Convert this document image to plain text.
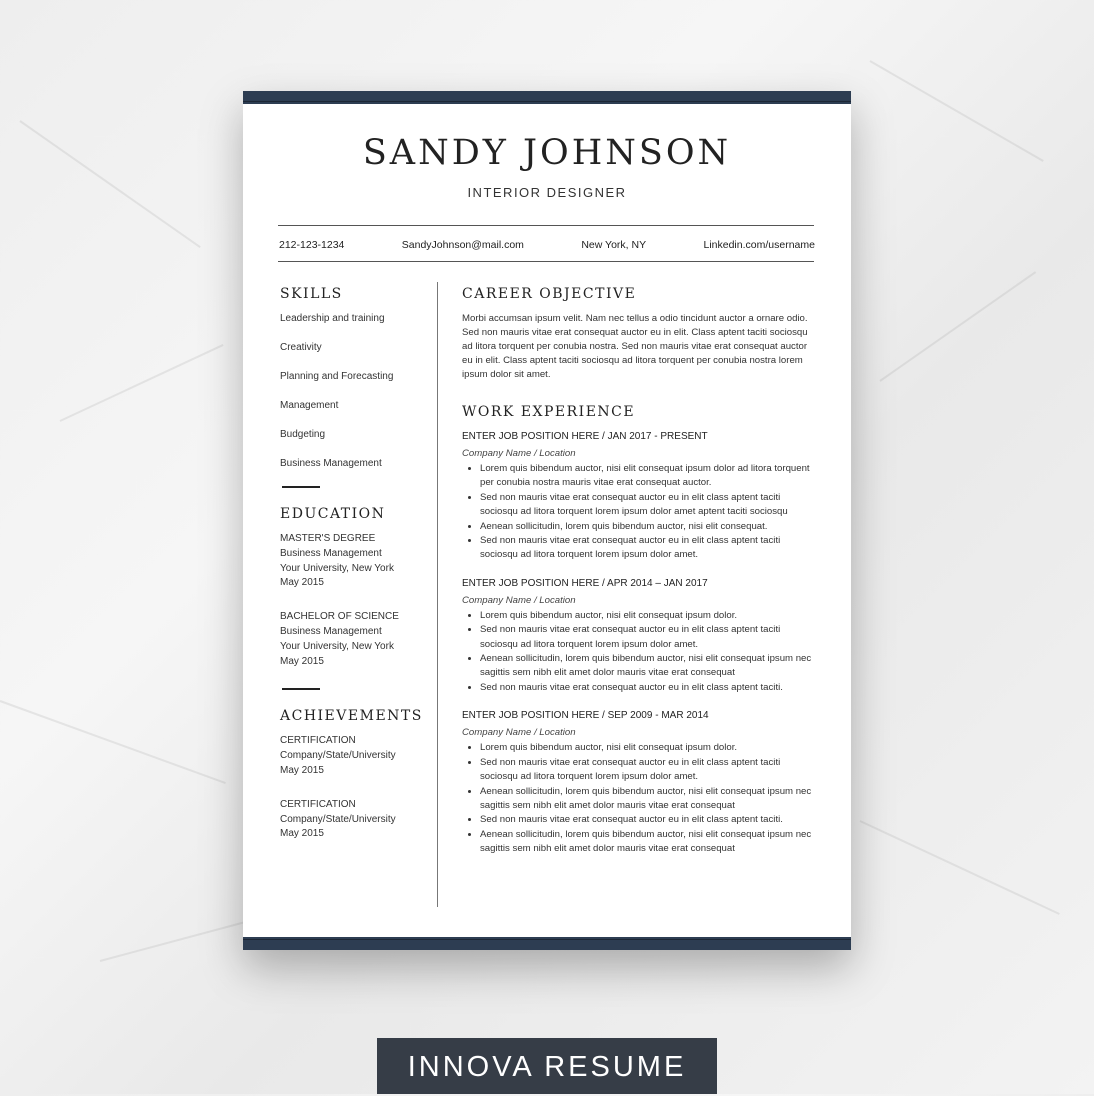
SANDY JOHNSON
INTERIOR DESIGNER
212-123-1234	SandyJohnson@mail.com	New York, NY	Linkedin.com/username
SKILLS
Leadership and training
Creativity
Planning and Forecasting
Management
Budgeting
Business Management
EDUCATION
MASTER'S DEGREE
Business Management
Your University, New York
May 2015
BACHELOR OF SCIENCE
Business Management
Your University, New York
May 2015
ACHIEVEMENTS
CERTIFICATION
Company/State/University
May 2015
CERTIFICATION
Company/State/University
May 2015
CAREER OBJECTIVE

Morbi accumsan ipsum velit. Nam nec tellus a odio tincidunt auctor a ornare odio. Sed non mauris vitae erat consequat auctor eu in elit. Class aptent taciti sociosqu ad litora torquent per conubia nostra. Sed non mauris vitae erat consequat auctor eu in elit. Class aptent taciti sociosqu ad litora torquent per conubia nostra lorem ipsum dolor sit amet.

WORK EXPERIENCE
ENTER JOB POSITION HERE / JAN 2017 - PRESENT
Company Name / Location
• Lorem quis bibendum auctor, nisi elit consequat ipsum dolor ad litora torquent per conubia nostra mauris vitae erat consequat auctor.
• Sed non mauris vitae erat consequat auctor eu in elit class aptent taciti sociosqu ad litora torquent lorem ipsum dolor amet aptent taciti sociosqu
• Aenean sollicitudin, lorem quis bibendum auctor, nisi elit consequat.
• Sed non mauris vitae erat consequat auctor eu in elit class aptent taciti sociosqu ad litora torquent lorem ipsum dolor amet.
ENTER JOB POSITION HERE / APR 2014 – JAN 2017
Company Name / Location
• Lorem quis bibendum auctor, nisi elit consequat ipsum dolor.
• Sed non mauris vitae erat consequat auctor eu in elit class aptent taciti sociosqu ad litora torquent lorem ipsum dolor amet.
• Aenean sollicitudin, lorem quis bibendum auctor, nisi elit consequat ipsum nec sagittis sem nibh elit amet dolor mauris vitae erat consequat
• Sed non mauris vitae erat consequat auctor eu in elit class aptent taciti.
ENTER JOB POSITION HERE / SEP 2009 - MAR 2014
Company Name / Location
• Lorem quis bibendum auctor, nisi elit consequat ipsum dolor.
• Sed non mauris vitae erat consequat auctor eu in elit class aptent taciti sociosqu ad litora torquent lorem ipsum dolor amet.
• Aenean sollicitudin, lorem quis bibendum auctor, nisi elit consequat ipsum nec sagittis sem nibh elit amet dolor mauris vitae erat consequat
• Sed non mauris vitae erat consequat auctor eu in elit class aptent taciti.
• Aenean sollicitudin, lorem quis bibendum auctor, nisi elit consequat ipsum nec sagittis sem nibh elit amet dolor mauris vitae erat consequat
INNOVA RESUME
